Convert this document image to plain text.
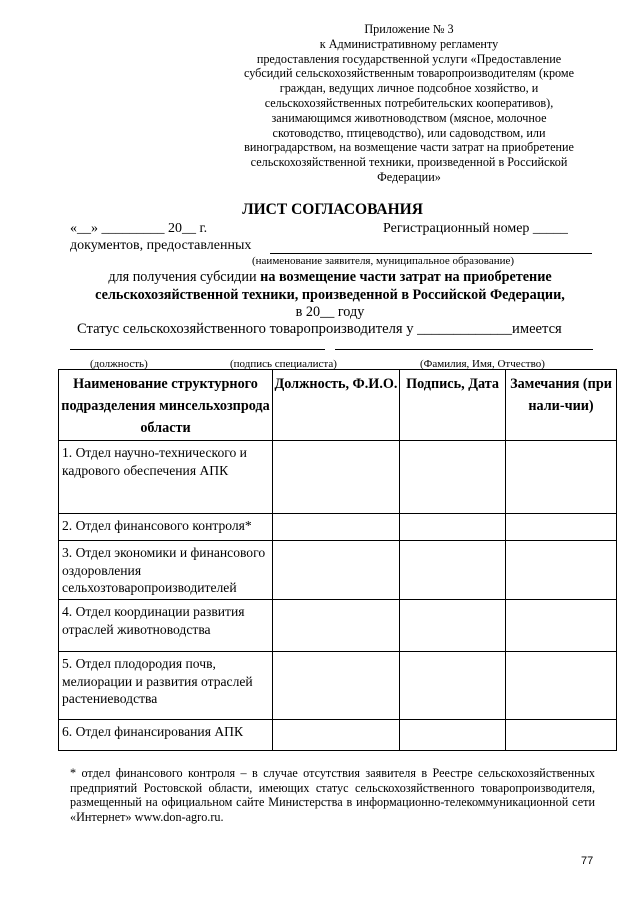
Приложение № 3
к Административному регламенту
предоставления государственной услуги «Предоставление
субсидий сельскохозяйственным товаропроизводителям (кроме
граждан, ведущих личное подсобное хозяйство, и
сельскохозяйственных потребительских кооперативов),
занимающимся животноводством (мясное, молочное
скотоводство, птицеводство), или садоводством, или
виноградарством, на возмещение части затрат на приобретение
сельскохозяйственной техники, произведенной в Российской
Федерации»
ЛИСТ СОГЛАСОВАНИЯ
«__» _________ 20__ г.	Регистрационный номер _____
документов, предоставленных
(наименование заявителя, муниципальное образование)
для получения субсидии на возмещение части затрат на приобретение
сельскохозяйственной техники, произведенной в Российской Федерации,
в 20__ году
Статус сельскохозяйственного товаропроизводителя у _____________имеется
(должность)	(подпись специалиста)	(Фамилия, Имя, Отчество)
Наименование структурного подразделения минсельхозпрода области	Должность, Ф.И.О.	Подпись, Дата	Замечания (при нали-чии)
1. Отдел научно-технического и кадрового обеспечения АПК			
2. Отдел финансового контроля*			
3. Отдел экономики и финансового оздоровления сельхозтоваропроизводителей			
4. Отдел координации развития отраслей животноводства			
5. Отдел плодородия почв, мелиорации и развития отраслей растениеводства			
6. Отдел финансирования АПК			
* отдел финансового контроля – в случае отсутствия заявителя в Реестре сельскохозяйственных предприятий Ростовской области, имеющих статус сельскохозяйственного товаропроизводителя, размещенный на официальном сайте Министерства в информационно-телекоммуникационной сети «Интернет» www.don-agro.ru.
77
